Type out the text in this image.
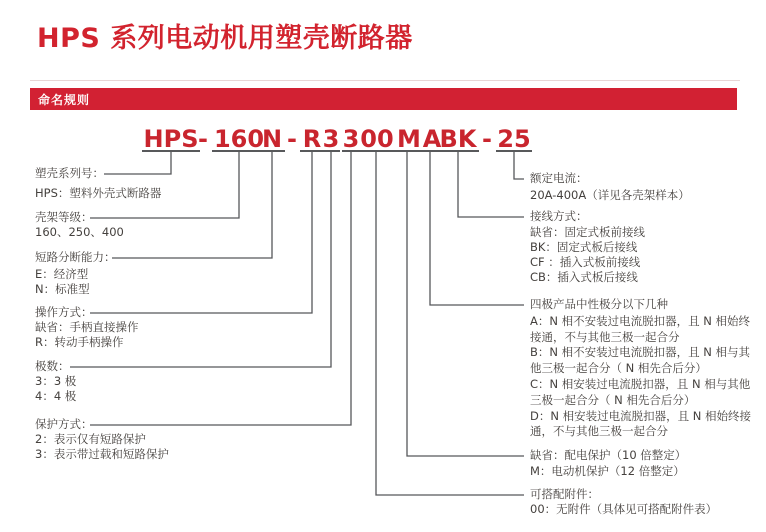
HPS 系列电动机用塑壳断路器
命名规则
HPS - 160
N - R 3 3 00 M A
BK - 25
塑壳系列号：
HPS：塑料外壳式断路器
壳架等级：
160、250、400
短路分断能力：
E：经济型
N：标准型
操作方式：
缺省：手柄直接操作
R：转动手柄操作
极数：
3：3 极
4：4 极
保护方式：
2：表示仅有短路保护
3：表示带过载和短路保护
额定电流：
20A-400A（详见各壳架样本）
接线方式：
缺省：固定式板前接线
BK：固定式板后接线
CF ：插入式板前接线
CB：插入式板后接线
四极产品中性极分以下几种
A：N 相不安装过电流脱扣器，且 N 相始终
接通，不与其他三极一起合分
B：N 相不安装过电流脱扣器，且 N 相与其
他三极一起合分（ N 相先合后分）
C：N 相安装过电流脱扣器，且 N 相与其他
三极一起合分（ N 相先合后分）
D：N 相安装过电流脱扣器，且 N 相始终接
通，不与其他三极一起合分
缺省：配电保护（10 倍整定）
M：电动机保护（12 倍整定）
可搭配附件：
00：无附件（具体见可搭配附件表）
